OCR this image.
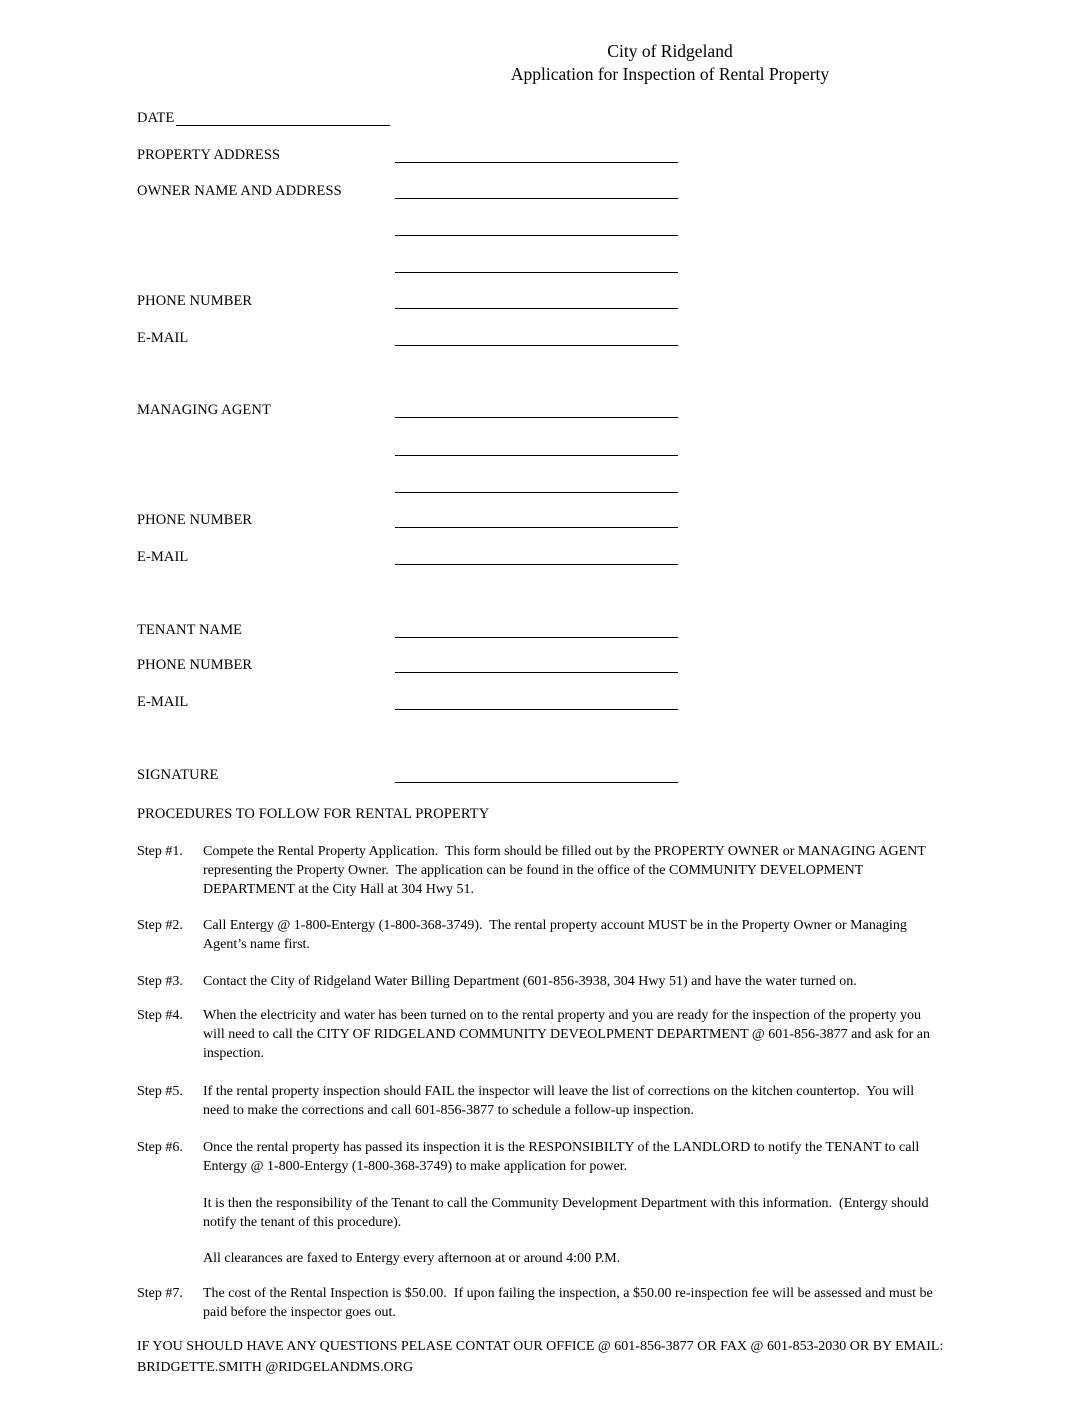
City of Ridgeland
Application for Inspection of Rental Property
DATE
PROPERTY ADDRESS
OWNER NAME AND ADDRESS
PHONE NUMBER
E-MAIL
MANAGING AGENT
PHONE NUMBER
E-MAIL
TENANT NAME
PHONE NUMBER
E-MAIL
SIGNATURE
PROCEDURES TO FOLLOW FOR RENTAL PROPERTY
Step #1. Compete the Rental Property Application.  This form should be filled out by the PROPERTY OWNER or MANAGING AGENT representing the Property Owner.  The application can be found in the office of the COMMUNITY DEVELOPMENT DEPARTMENT at the City Hall at 304 Hwy 51.
Step #2. Call Entergy @ 1-800-Entergy (1-800-368-3749).  The rental property account MUST be in the Property Owner or Managing Agent’s name first.
Step #3. Contact the City of Ridgeland Water Billing Department (601-856-3938, 304 Hwy 51) and have the water turned on.
Step #4. When the electricity and water has been turned on to the rental property and you are ready for the inspection of the property you will need to call the CITY OF RIDGELAND COMMUNITY DEVEOLPMENT DEPARTMENT @ 601-856-3877 and ask for an inspection.
Step #5. If the rental property inspection should FAIL the inspector will leave the list of corrections on the kitchen countertop.  You will need to make the corrections and call 601-856-3877 to schedule a follow-up inspection.
Step #6. Once the rental property has passed its inspection it is the RESPONSIBILTY of the LANDLORD to notify the TENANT to call Entergy @ 1-800-Entergy (1-800-368-3749) to make application for power.
It is then the responsibility of the Tenant to call the Community Development Department with this information.  (Entergy should notify the tenant of this procedure).
All clearances are faxed to Entergy every afternoon at or around 4:00 P.M.
Step #7. The cost of the Rental Inspection is $50.00.  If upon failing the inspection, a $50.00 re-inspection fee will be assessed and must be paid before the inspector goes out.
IF YOU SHOULD HAVE ANY QUESTIONS PELASE CONTAT OUR OFFICE @ 601-856-3877 OR FAX @ 601-853-2030 OR BY EMAIL:  BRIDGETTE.SMITH @RIDGELANDMS.ORG
